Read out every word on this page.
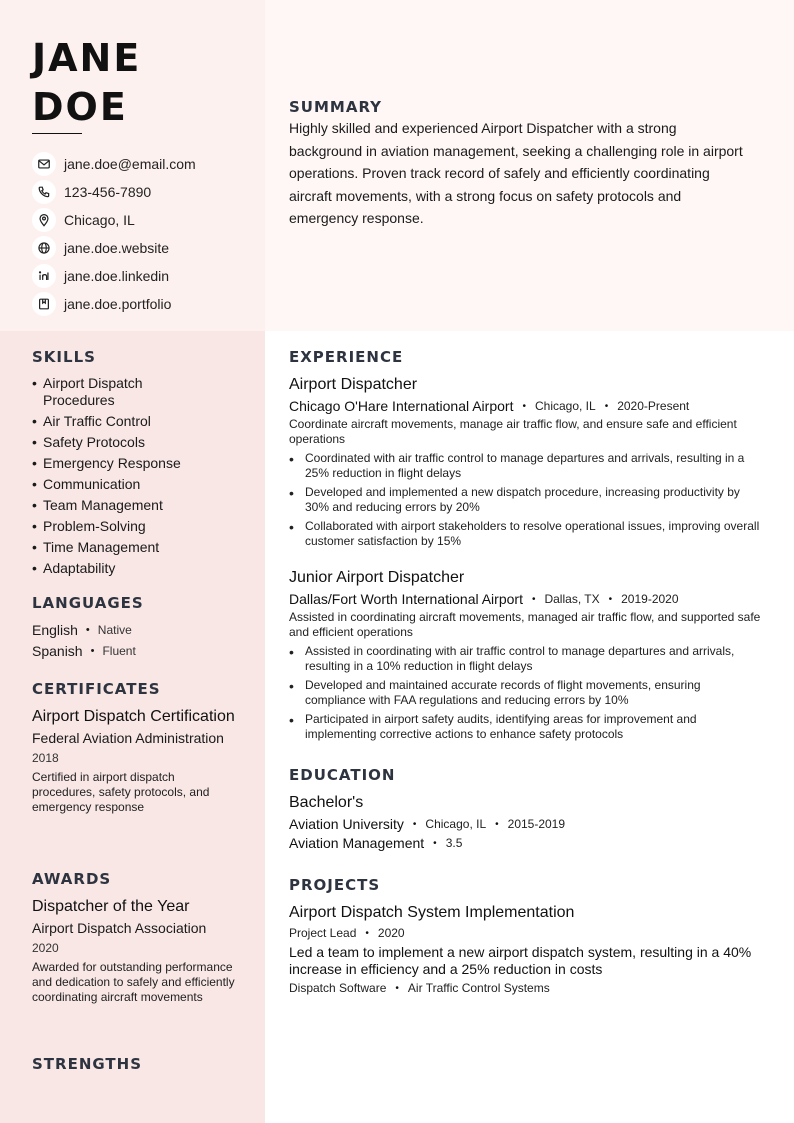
JANE
DOE
jane.doe@email.com
123-456-7890
Chicago, IL
jane.doe.website
jane.doe.linkedin
jane.doe.portfolio
SUMMARY

Highly skilled and experienced Airport Dispatcher with a strong background in aviation management, seeking a challenging role in airport operations. Proven track record of safely and efficiently coordinating aircraft movements, with a strong focus on safety protocols and emergency response.

SKILLS
• Airport Dispatch Procedures
• Air Traffic Control
• Safety Protocols
• Emergency Response
• Communication
• Team Management
• Problem-Solving
• Time Management
• Adaptability
LANGUAGES
English • Native
Spanish • Fluent
CERTIFICATES
Airport Dispatch Certification
Federal Aviation Administration
2018
Certified in airport dispatch procedures, safety protocols, and emergency response
AWARDS
Dispatcher of the Year
Airport Dispatch Association
2020
Awarded for outstanding performance and dedication to safely and efficiently coordinating aircraft movements
STRENGTHS
EXPERIENCE
Airport Dispatcher
Chicago O'Hare International Airport • Chicago, IL • 2020-Present
Coordinate aircraft movements, manage air traffic flow, and ensure safe and efficient operations
• Coordinated with air traffic control to manage departures and arrivals, resulting in a 25% reduction in flight delays
• Developed and implemented a new dispatch procedure, increasing productivity by 30% and reducing errors by 20%
• Collaborated with airport stakeholders to resolve operational issues, improving overall customer satisfaction by 15%
Junior Airport Dispatcher
Dallas/Fort Worth International Airport • Dallas, TX • 2019-2020
Assisted in coordinating aircraft movements, managed air traffic flow, and supported safe and efficient operations
• Assisted in coordinating with air traffic control to manage departures and arrivals, resulting in a 10% reduction in flight delays
• Developed and maintained accurate records of flight movements, ensuring compliance with FAA regulations and reducing errors by 10%
• Participated in airport safety audits, identifying areas for improvement and implementing corrective actions to enhance safety protocols
EDUCATION
Bachelor's
Aviation University • Chicago, IL • 2015-2019
Aviation Management • 3.5
PROJECTS
Airport Dispatch System Implementation
Project Lead • 2020
Led a team to implement a new airport dispatch system, resulting in a 40% increase in efficiency and a 25% reduction in costs
Dispatch Software • Air Traffic Control Systems
